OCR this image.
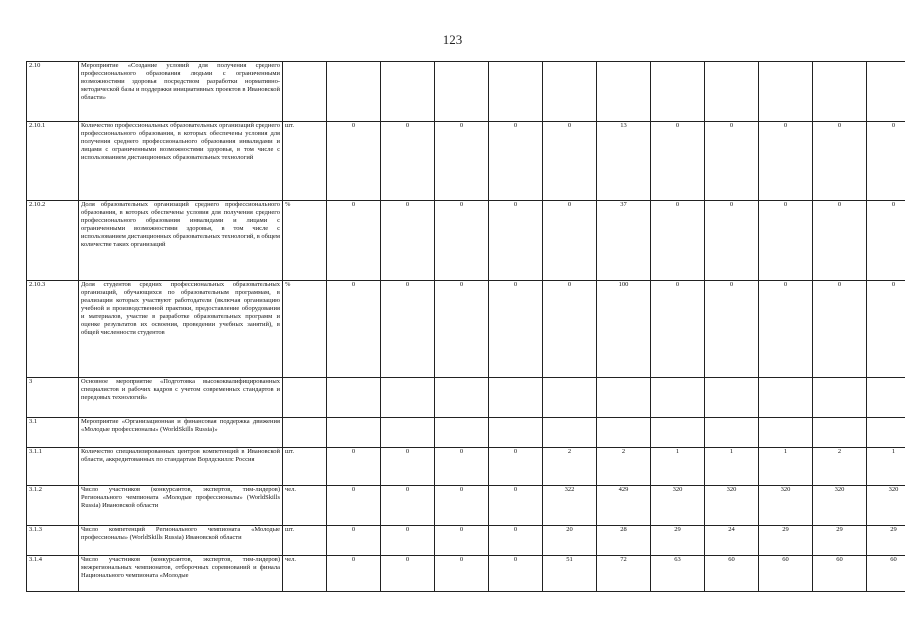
123
2.10	Мероприятие «Создание условий для получения среднего профессионального образования людьми с ограниченными возможностями здоровья посредством разработки нормативно-методической базы и поддержки инициативных проектов в Ивановской области»												
2.10.1	Количество профессиональных образовательных организаций среднего профессионального образования, в которых обеспечены условия для получения среднего профессионального образования инвалидами и лицами с ограниченными возможностями здоровья, в том числе с использованием дистанционных образовательных технологий	шт.	0	0	0	0	0	13	0	0	0	0	0
2.10.2	Доля образовательных организаций среднего профессионального образования, в которых обеспечены условия для получения среднего профессионального образования инвалидами и лицами с ограниченными возможностями здоровья, в том числе с использованием дистанционных образовательных технологий, в общем количестве таких организаций	%	0	0	0	0	0	37	0	0	0	0	0
2.10.3	Доля студентов средних профессиональных образовательных организаций, обучающихся по образовательным программам, в реализации которых участвуют работодатели (включая организацию учебной и производственной практики, предоставление оборудования и материалов, участие в разработке образовательных программ и оценке результатов их освоения, проведении учебных занятий), в общей численности студентов	%	0	0	0	0	0	100	0	0	0	0	0
3	Основное мероприятие «Подготовка высококвалифицированных специалистов и рабочих кадров с учетом современных стандартов и передовых технологий»												
3.1	Мероприятие «Организационная и финансовая поддержка движения «Молодые профессионалы» (WorldSkills Russia)»												
3.1.1	Количество специализированных центров компетенций в Ивановской области, аккредитованных по стандартам Ворлдскиллс Россия	шт.	0	0	0	0	2	2	1	1	1	2	1
3.1.2	Число участников (конкурсантов, экспертов, тим-лидеров) Регионального чемпионата «Молодые профессионалы» (WorldSkills Russia) Ивановской области	чел.	0	0	0	0	322	429	320	320	320	320	320
3.1.3	Число компетенций Регионального чемпионата «Молодые профессионалы» (WorldSkills Russia) Ивановской области	шт.	0	0	0	0	20	28	29	24	29	29	29
3.1.4	Число участников (конкурсантов, экспертов, тим-лидеров) межрегиональных чемпионатов, отборочных соревнований и финала Национального чемпионата «Молодые	чел.	0	0	0	0	51	72	63	60	60	60	60
